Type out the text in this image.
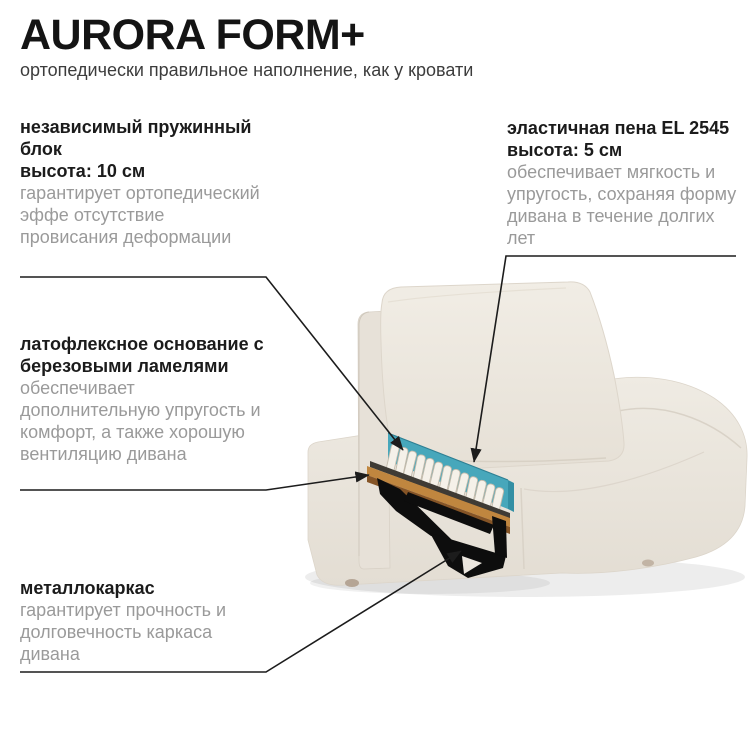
AURORA FORM+
ортопедически правильное наполнение, как у кровати
независимый пружинный блок
высота: 10 см
гарантирует ортопедический эффе отсутствие провисания деформации
эластичная пена EL 2545
высота: 5 см
обеспечивает мягкость и упругость, сохраняя форму дивана в течение долгих лет
латофлексное основание с березовыми ламелями
обеспечивает дополнительную упругость и комфорт, а также хорошую вентиляцию дивана
металлокаркас
гарантирует прочность и долговечность каркаса дивана
